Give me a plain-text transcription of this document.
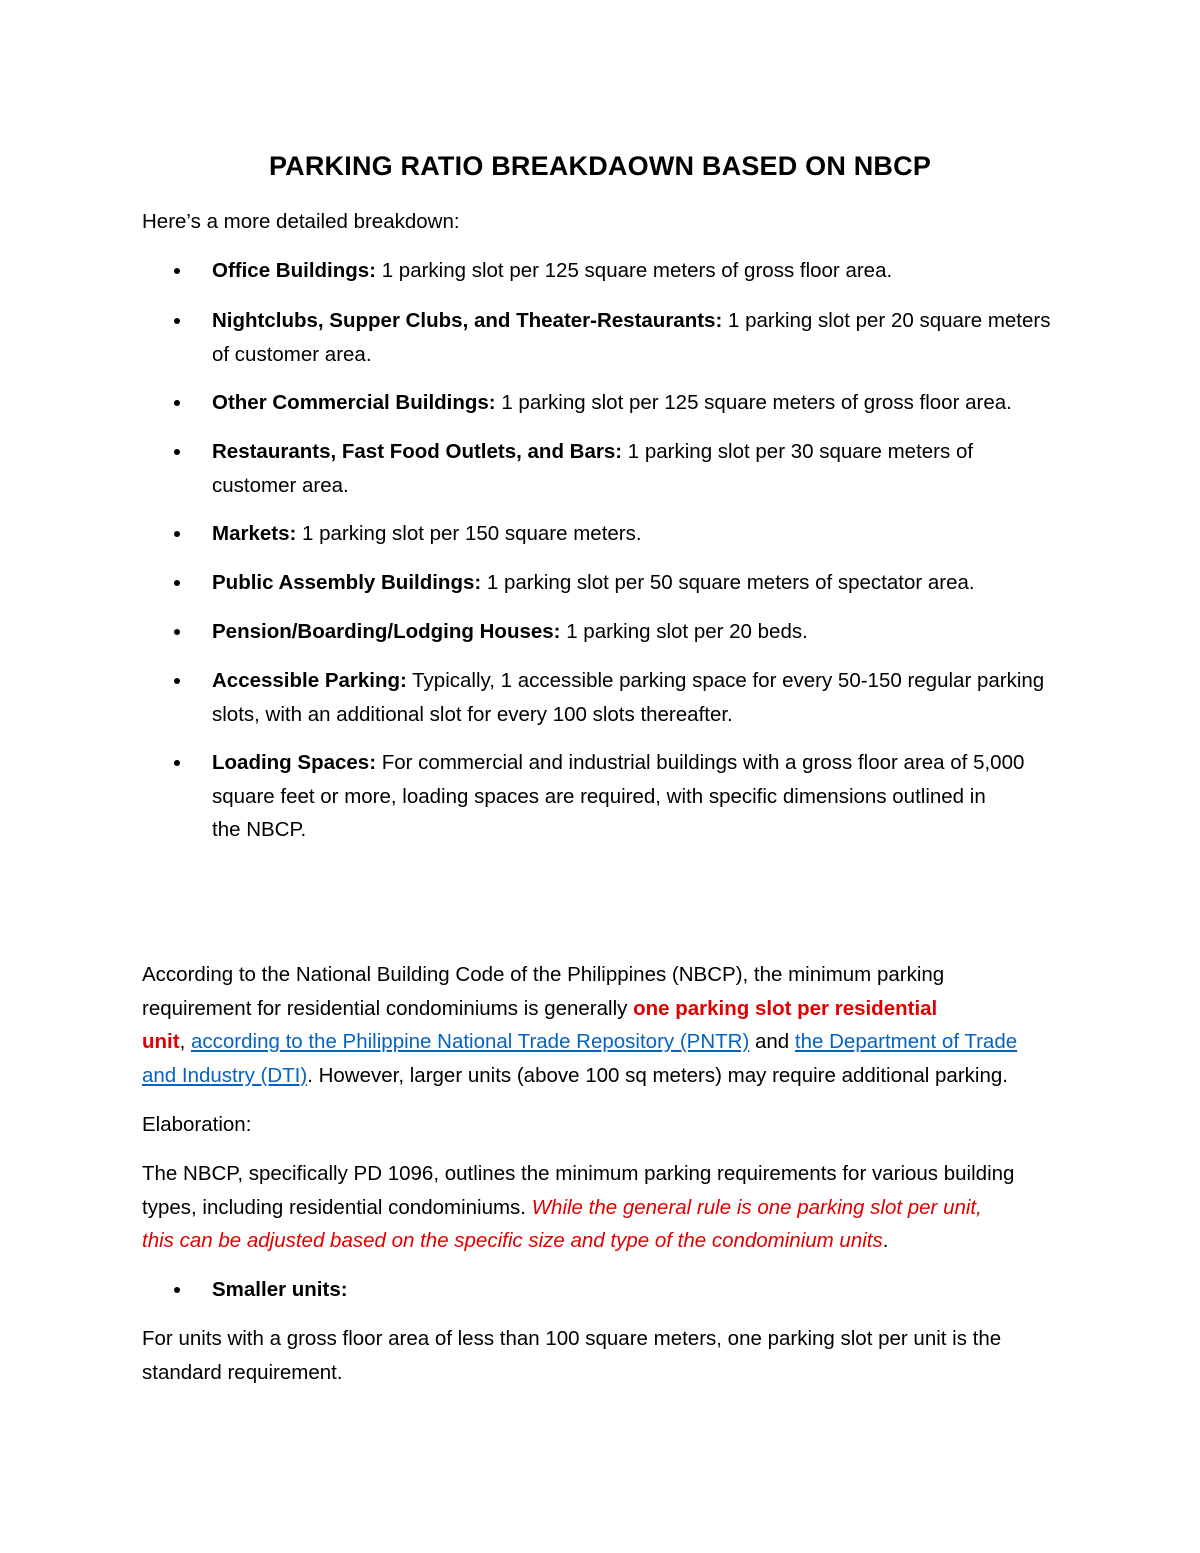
PARKING RATIO BREAKDAOWN BASED ON NBCP
Here’s a more detailed breakdown:
Office Buildings: 1 parking slot per 125 square meters of gross floor area.
Nightclubs, Supper Clubs, and Theater-Restaurants: 1 parking slot per 20 square meters
of customer area.
Other Commercial Buildings: 1 parking slot per 125 square meters of gross floor area.
Restaurants, Fast Food Outlets, and Bars: 1 parking slot per 30 square meters of
customer area.
Markets: 1 parking slot per 150 square meters.
Public Assembly Buildings: 1 parking slot per 50 square meters of spectator area.
Pension/Boarding/Lodging Houses: 1 parking slot per 20 beds.
Accessible Parking: Typically, 1 accessible parking space for every 50-150 regular parking
slots, with an additional slot for every 100 slots thereafter.
Loading Spaces: For commercial and industrial buildings with a gross floor area of 5,000
square feet or more, loading spaces are required, with specific dimensions outlined in
the NBCP.
According to the National Building Code of the Philippines (NBCP), the minimum parking
requirement for residential condominiums is generally one parking slot per residential
unit, according to the Philippine National Trade Repository (PNTR) and the Department of Trade
and Industry (DTI). However, larger units (above 100 sq meters) may require additional parking.
Elaboration:
The NBCP, specifically PD 1096, outlines the minimum parking requirements for various building
types, including residential condominiums. While the general rule is one parking slot per unit,
this can be adjusted based on the specific size and type of the condominium units.
Smaller units:
For units with a gross floor area of less than 100 square meters, one parking slot per unit is the
standard requirement.
